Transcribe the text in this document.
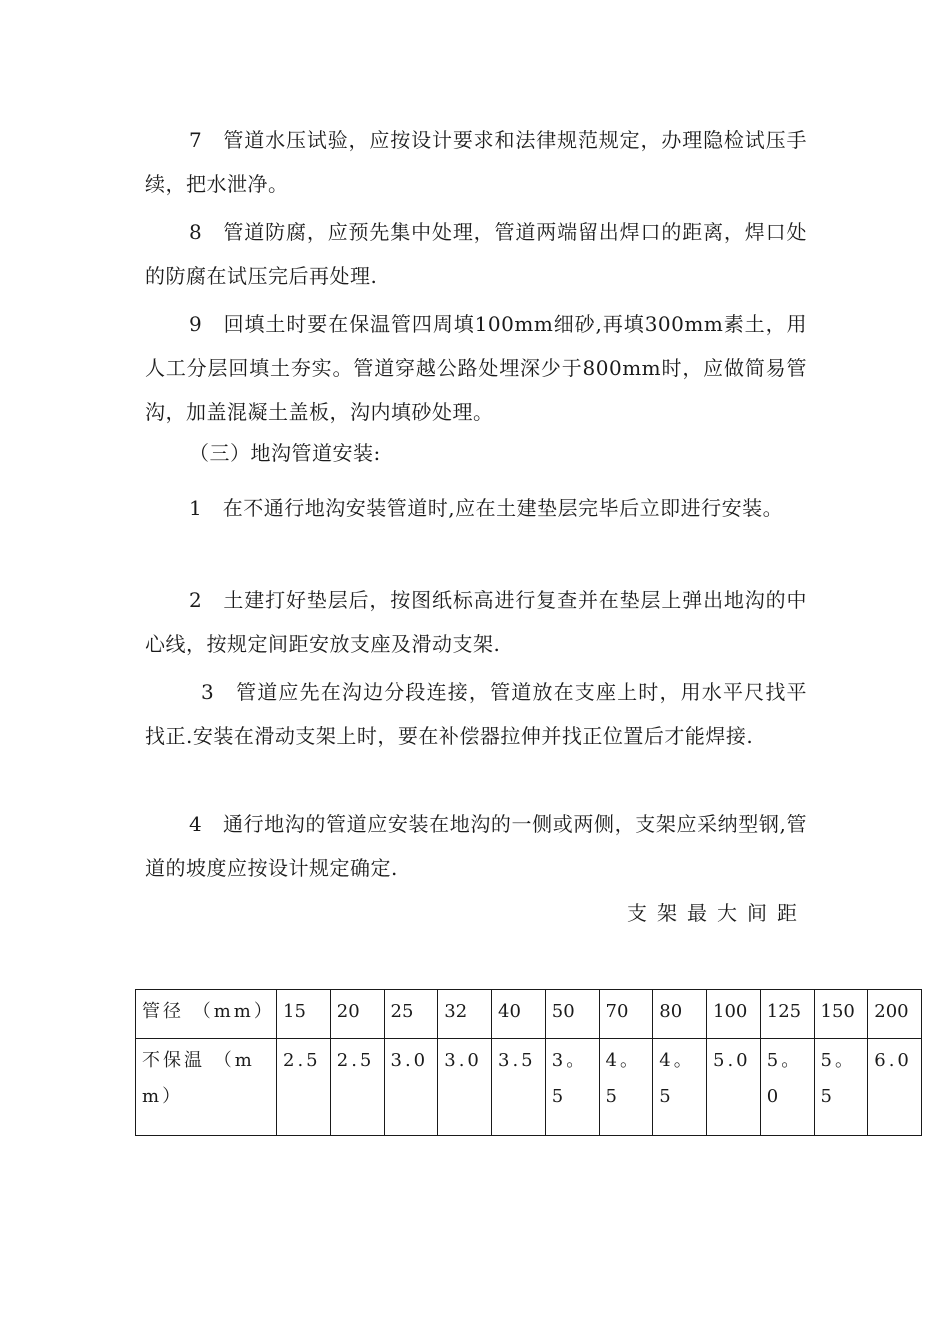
7　管道水压试验，应按设计要求和法律规范规定，办理隐检试压手续，把水泄净。

8　管道防腐，应预先集中处理，管道两端留出焊口的距离，焊口处的防腐在试压完后再处理.

9　回填土时要在保温管四周填100mm细砂,再填300mm素土，用人工分层回填土夯实。管道穿越公路处埋深少于800mm时，应做简易管沟，加盖混凝土盖板，沟内填砂处理。

（三）地沟管道安装:

1　在不通行地沟安装管道时,应在土建垫层完毕后立即进行安装。

2　土建打好垫层后，按图纸标高进行复查并在垫层上弹出地沟的中心线，按规定间距安放支座及滑动支架.

3　管道应先在沟边分段连接，管道放在支座上时，用水平尺找平找正.安装在滑动支架上时，要在补偿器拉伸并找正位置后才能焊接.

4　通行地沟的管道应安装在地沟的一侧或两侧，支架应采纳型钢,管道的坡度应按设计规定确定.

支架最大间距
管径 （mm）	15	20	25	32	40	50	70	80	100	125	150	200
不保温 （mm）	2.5	2.5	3.0	3.0	3.5	3。5	4。5	4。5	5.0	5。0	5。5	6.0
